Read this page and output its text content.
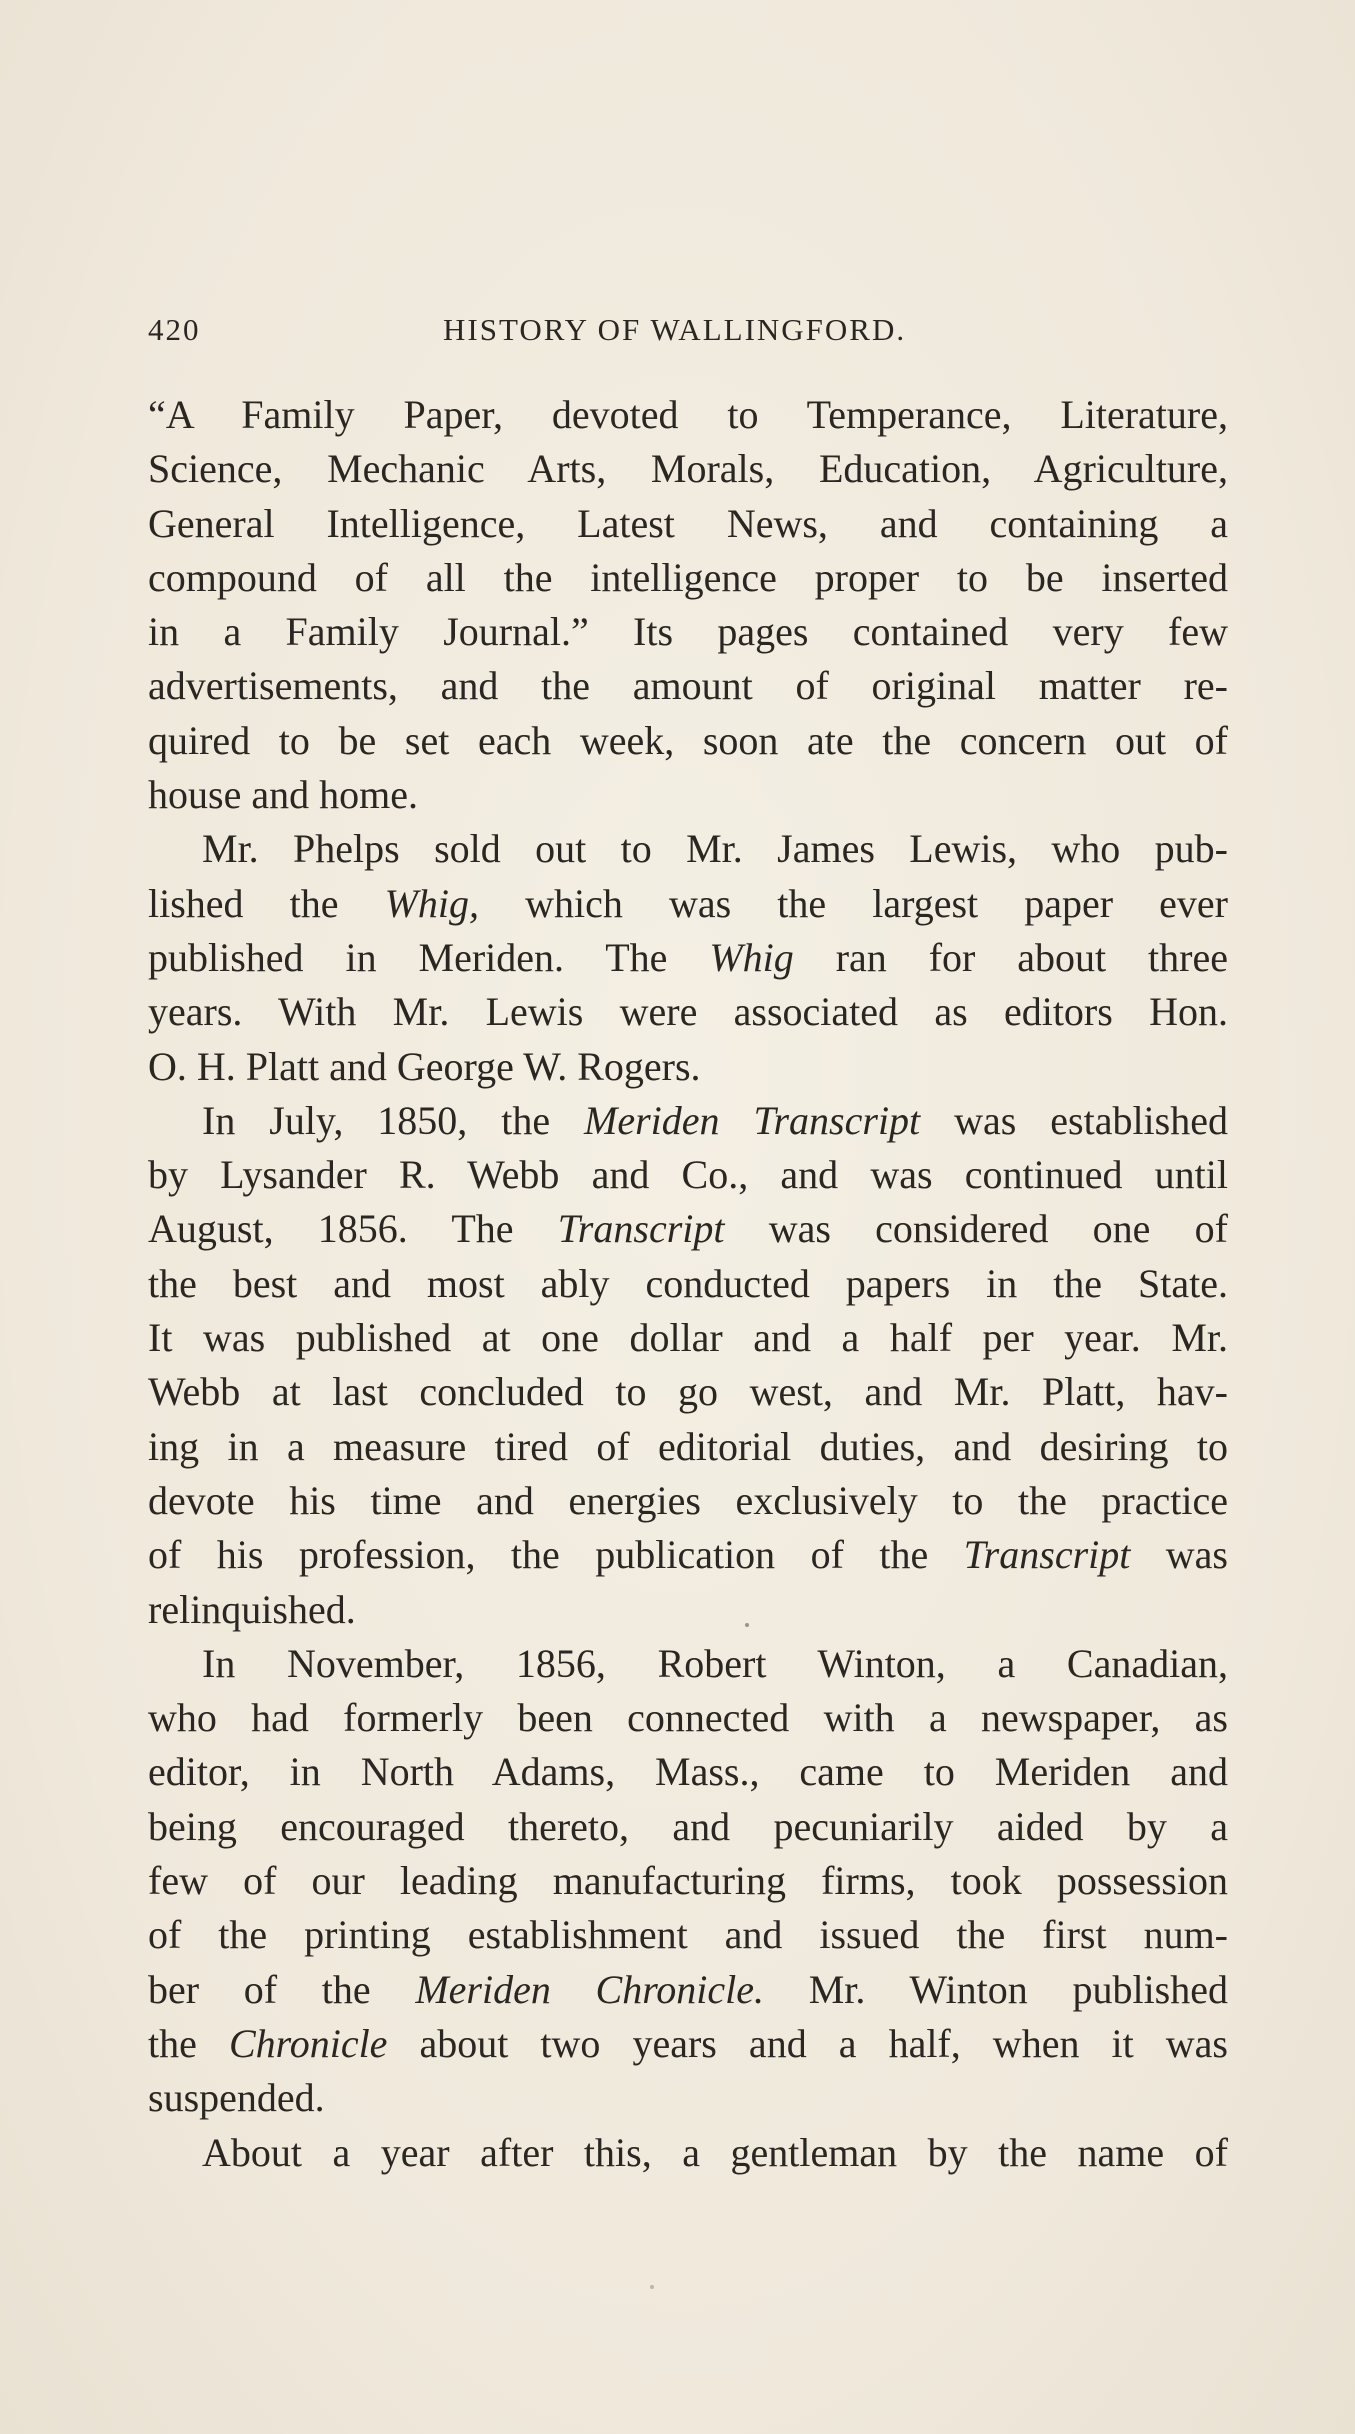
420	HISTORY OF WALLINGFORD.
“A Family Paper, devoted to Temperance, Literature,
Science, Mechanic Arts, Morals, Education, Agriculture,
General Intelligence, Latest News, and containing a
compound of all the intelligence proper to be inserted
in a Family Journal.” Its pages contained very few
advertisements, and the amount of original matter re-
quired to be set each week, soon ate the concern out of
house and home.
Mr. Phelps sold out to Mr. James Lewis, who pub-
lished the Whig, which was the largest paper ever
published in Meriden. The Whig ran for about three
years. With Mr. Lewis were associated as editors Hon.
O. H. Platt and George W. Rogers.
In July, 1850, the Meriden Transcript was established
by Lysander R. Webb and Co., and was continued until
August, 1856. The Transcript was considered one of
the best and most ably conducted papers in the State.
It was published at one dollar and a half per year. Mr.
Webb at last concluded to go west, and Mr. Platt, hav-
ing in a measure tired of editorial duties, and desiring to
devote his time and energies exclusively to the practice
of his profession, the publication of the Transcript was
relinquished.
In November, 1856, Robert Winton, a Canadian,
who had formerly been connected with a newspaper, as
editor, in North Adams, Mass., came to Meriden and
being encouraged thereto, and pecuniarily aided by a
few of our leading manufacturing firms, took possession
of the printing establishment and issued the first num-
ber of the Meriden Chronicle. Mr. Winton published
the Chronicle about two years and a half, when it was
suspended.
About a year after this, a gentleman by the name of
